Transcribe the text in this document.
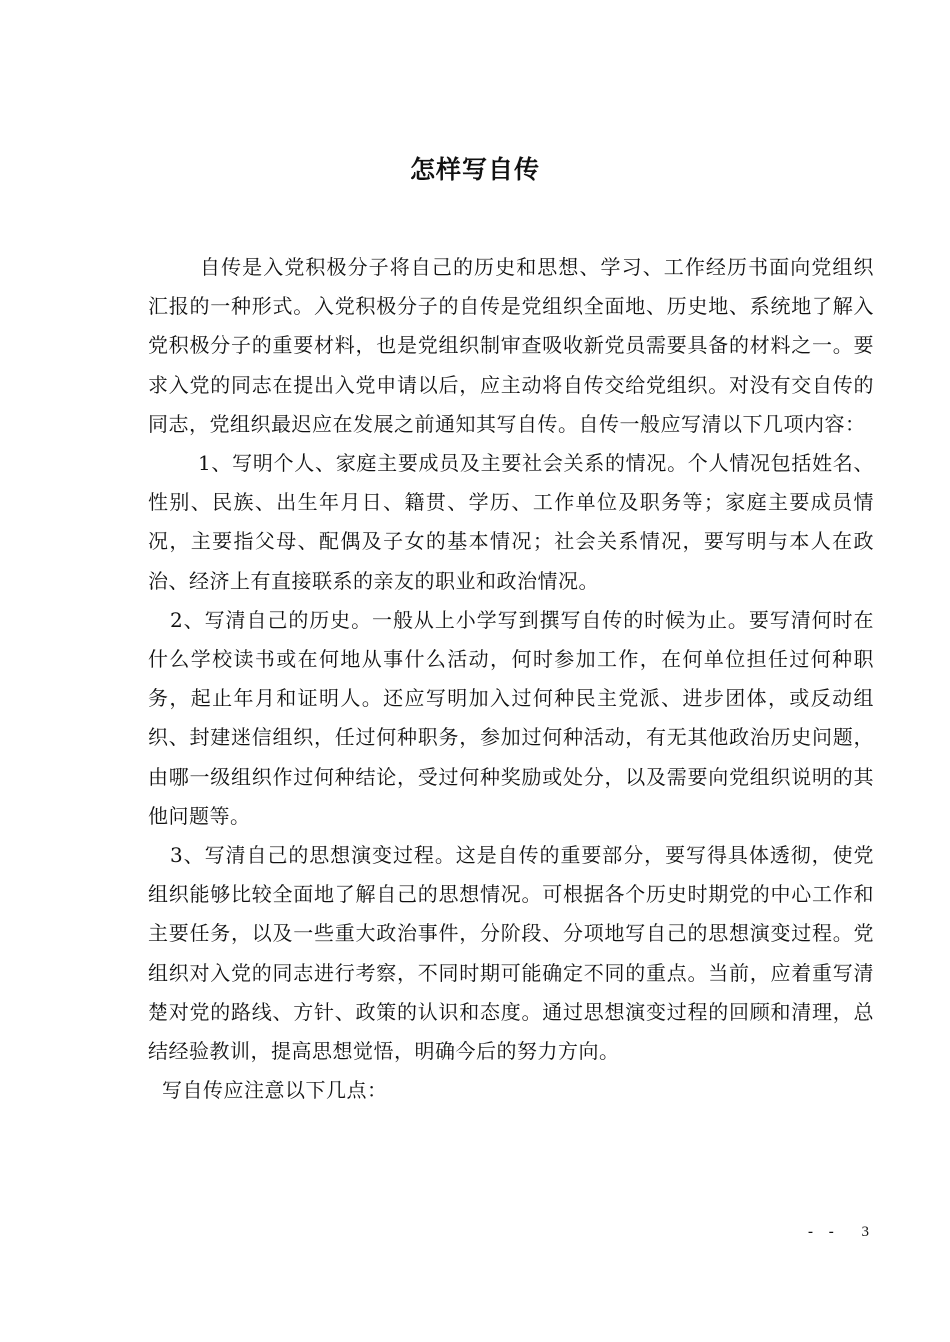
怎样写自传

自传是入党积极分子将自己的历史和思想、学习、工作经历书面向党组织汇报的一种形式。入党积极分子的自传是党组织全面地、历史地、系统地了解入党积极分子的重要材料，也是党组织制审查吸收新党员需要具备的材料之一。要求入党的同志在提出入党申请以后，应主动将自传交给党组织。对没有交自传的同志，党组织最迟应在发展之前通知其写自传。自传一般应写清以下几项内容：

1、写明个人、家庭主要成员及主要社会关系的情况。个人情况包括姓名、性别、民族、出生年月日、籍贯、学历、工作单位及职务等；家庭主要成员情况，主要指父母、配偶及子女的基本情况；社会关系情况，要写明与本人在政治、经济上有直接联系的亲友的职业和政治情况。

2、写清自己的历史。一般从上小学写到撰写自传的时候为止。要写清何时在什么学校读书或在何地从事什么活动，何时参加工作，在何单位担任过何种职务，起止年月和证明人。还应写明加入过何种民主党派、进步团体，或反动组织、封建迷信组织，任过何种职务，参加过何种活动，有无其他政治历史问题，由哪一级组织作过何种结论，受过何种奖励或处分，以及需要向党组织说明的其他问题等。

3、写清自己的思想演变过程。这是自传的重要部分，要写得具体透彻，使党组织能够比较全面地了解自己的思想情况。可根据各个历史时期党的中心工作和主要任务，以及一些重大政治事件，分阶段、分项地写自己的思想演变过程。党组织对入党的同志进行考察，不同时期可能确定不同的重点。当前，应着重写清楚对党的路线、方针、政策的认识和态度。通过思想演变过程的回顾和清理，总结经验教训，提高思想觉悟，明确今后的努力方向。

写自传应注意以下几点：

- - 3
